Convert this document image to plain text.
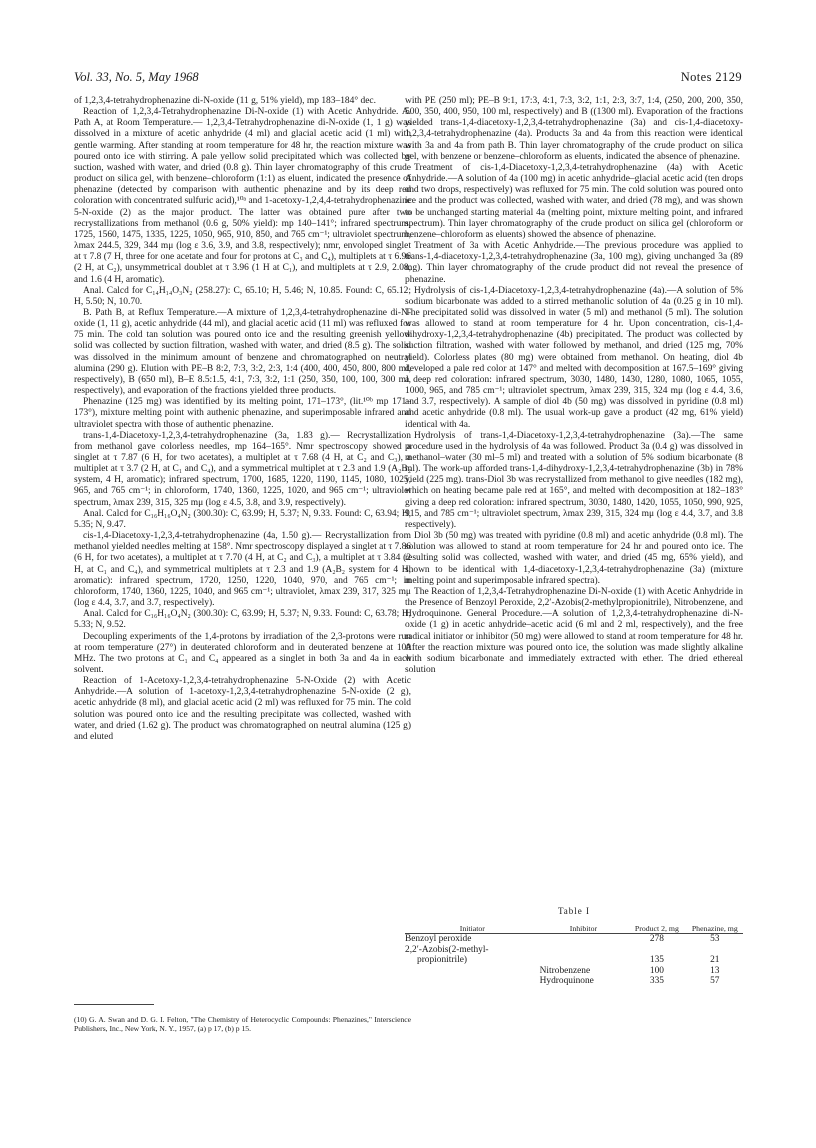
Vol. 33, No. 5, May 1968	Notes 2129

of 1,2,3,4-tetrahydrophenazine di-N-oxide (11 g, 51% yield), mp 183–184° dec.

Reaction of 1,2,3,4-Tetrahydrophenazine Di-N-oxide (1) with Acetic Anhydride. A. Path A, at Room Temperature.— 1,2,3,4-Tetrahydrophenazine di-N-oxide (1, 1 g) was dissolved in a mixture of acetic anhydride (4 ml) and glacial acetic acid (1 ml) with gentle warming. After standing at room temperature for 48 hr, the reaction mixture was poured onto ice with stirring. A pale yellow solid precipitated which was collected by suction, washed with water, and dried (0.8 g). Thin layer chromatography of this crude product on silica gel, with benzene–chloroform (1:1) as eluent, indicated the presence of phenazine (detected by comparison with authentic phenazine and by its deep red coloration with concentrated sulfuric acid),¹⁰ᵃ and 1-acetoxy-1,2,4,4-tetrahydrophenazine 5-N-oxide (2) as the major product. The latter was obtained pure after two recrystallizations from methanol (0.6 g, 50% yield): mp 140–141°; infrared spectrum, 1725, 1560, 1475, 1335, 1225, 1050, 965, 910, 850, and 765 cm⁻¹; ultraviolet spectrum, λmax 244.5, 329, 344 mμ (log ε 3.6, 3.9, and 3.8, respectively); nmr, envoloped singlet at τ 7.8 (7 H, three for one acetate and four for protons at C₃ and C₄), multiplets at τ 6.96 (2 H, at C₂), unsymmetrical doublet at τ 3.96 (1 H at C₁), and multiplets at τ 2.9, 2.08, and 1.6 (4 H, aromatic).

Anal. Calcd for C₁₄H₁₄O₃N₂ (258.27): C, 65.10; H, 5.46; N, 10.85. Found: C, 65.12; H, 5.50; N, 10.70.

B. Path B, at Reflux Temperature.—A mixture of 1,2,3,4-tetrahydrophenazine di-N-oxide (1, 11 g), acetic anhydride (44 ml), and glacial acetic acid (11 ml) was refluxed for 75 min. The cold tan solution was poured onto ice and the resulting greenish yellow solid was collected by suction filtration, washed with water, and dried (8.5 g). The solid was dissolved in the minimum amount of benzene and chromatographed on neutral alumina (290 g). Elution with PE–B 8:2, 7:3, 3:2, 2:3, 1:4 (400, 400, 450, 800, 800 ml, respectively), B (650 ml), B–E 8.5:1.5, 4:1, 7:3, 3:2, 1:1 (250, 350, 100, 100, 300 ml, respectively), and evaporation of the fractions yielded three products.

Phenazine (125 mg) was identified by its melting point, 171–173°, (lit.¹⁰ᵇ mp 171–173°), mixture melting point with authenic phenazine, and superimposable infrared and ultraviolet spectra with those of authentic phenazine.

trans-1,4-Diacetoxy-1,2,3,4-tetrahydrophenazine (3a, 1.83 g).— Recrystallization from methanol gave colorless needles, mp 164–165°. Nmr spectroscopy showed a singlet at τ 7.87 (6 H, for two acetates), a multiplet at τ 7.68 (4 H, at C₂ and C₃), a multiplet at τ 3.7 (2 H, at C₁ and C₄), and a symmetrical multiplet at τ 2.3 and 1.9 (A₂B₂ system, 4 H, aromatic); infrared spectrum, 1700, 1685, 1220, 1190, 1145, 1080, 1025, 965, and 765 cm⁻¹; in chloroform, 1740, 1360, 1225, 1020, and 965 cm⁻¹; ultraviolet spectrum, λmax 239, 315, 325 mμ (log ε 4.5, 3.8, and 3.9, respectively).

Anal. Calcd for C₁₆H₁₆O₄N₂ (300.30): C, 63.99; H, 5.37; N, 9.33. Found: C, 63.94; H, 5.35; N, 9.47.

cis-1,4-Diacetoxy-1,2,3,4-tetrahydrophenazine (4a, 1.50 g).— Recrystallization from methanol yielded needles melting at 158°. Nmr spectroscopy displayed a singlet at τ 7.86 (6 H, for two acetates), a multiplet at τ 7.70 (4 H, at C₂ and C₃), a multiplet at τ 3.84 (2 H, at C₁ and C₄), and symmetrical multiplets at τ 2.3 and 1.9 (A₂B₂ system for 4 H, aromatic): infrared spectrum, 1720, 1250, 1220, 1040, 970, and 765 cm⁻¹; in chloroform, 1740, 1360, 1225, 1040, and 965 cm⁻¹; ultraviolet, λmax 239, 317, 325 mμ (log ε 4.4, 3.7, and 3.7, respectively).

Anal. Calcd for C₁₆H₁₆O₄N₂ (300.30): C, 63.99; H, 5.37; N, 9.33. Found: C, 63.78; H, 5.33; N, 9.52.

Decoupling experiments of the 1,4-protons by irradiation of the 2,3-protons were run at room temperature (27°) in deuterated chloroform and in deuterated benzene at 100 MHz. The two protons at C₁ and C₄ appeared as a singlet in both 3a and 4a in each solvent.

Reaction of 1-Acetoxy-1,2,3,4-tetrahydrophenazine 5-N-Oxide (2) with Acetic Anhydride.—A solution of 1-acetoxy-1,2,3,4-tetrahydrophenazine 5-N-oxide (2 g), acetic anhydride (8 ml), and glacial acetic acid (2 ml) was refluxed for 75 min. The cold solution was poured onto ice and the resulting precipitate was collected, washed with water, and dried (1.62 g). The product was chromatographed on neutral alumina (125 g) and eluted

(10) G. A. Swan and D. G. I. Felton, "The Chemistry of Heterocyclic Compounds: Phenazines," Interscience Publishers, Inc., New York, N. Y., 1957, (a) p 17, (b) p 15.

with PE (250 ml); PE–B 9:1, 17:3, 4:1, 7:3, 3:2, 1:1, 2:3, 3:7, 1:4, (250, 200, 200, 350, 500, 350, 400, 950, 100 ml, respectively) and B ((1300 ml). Evaporation of the fractions yielded trans-1,4-diacetoxy-1,2,3,4-tetrahydrophenazine (3a) and cis-1,4-diacetoxy-1,2,3,4-tetrahydrophenazine (4a). Products 3a and 4a from this reaction were identical with 3a and 4a from path B. Thin layer chromatography of the crude product on silica gel, with benzene or benzene–chloroform as eluents, indicated the absence of phenazine.

Treatment of cis-1,4-Diacetoxy-1,2,3,4-tetrahydrophenazine (4a) with Acetic Anhydride.—A solution of 4a (100 mg) in acetic anhydride–glacial acetic acid (ten drops and two drops, respectively) was refluxed for 75 min. The cold solution was poured onto ice and the product was collected, washed with water, and dried (78 mg), and was shown to be unchanged starting material 4a (melting point, mixture melting point, and infrared spectrum). Thin layer chromatography of the crude product on silica gel (chloroform or benzene–chloroform as eluents) showed the absence of phenazine.

Treatment of 3a with Acetic Anhydride.—The previous procedure was applied to trans-1,4-diacetoxy-1,2,3,4-tetrahydrophenazine (3a, 100 mg), giving unchanged 3a (89 mg). Thin layer chromatography of the crude product did not reveal the presence of phenazine.

Hydrolysis of cis-1,4-Diacetoxy-1,2,3,4-tetrahydrophenazine (4a).—A solution of 5% sodium bicarbonate was added to a stirred methanolic solution of 4a (0.25 g in 10 ml). The precipitated solid was dissolved in water (5 ml) and methanol (5 ml). The solution was allowed to stand at room temperature for 4 hr. Upon concentration, cis-1,4-dihydroxy-1,2,3,4-tetrahydrophenazine (4b) precipitated. The product was collected by suction filtration, washed with water followed by methanol, and dried (125 mg, 70% yield). Colorless plates (80 mg) were obtained from methanol. On heating, diol 4b developed a pale red color at 147° and melted with decomposition at 167.5–169° giving a deep red coloration: infrared spectrum, 3030, 1480, 1430, 1280, 1080, 1065, 1055, 1000, 965, and 785 cm⁻¹; ultraviolet spectrum, λmax 239, 315, 324 mμ (log ε 4.4, 3.6, and 3.7, respectively). A sample of diol 4b (50 mg) was dissolved in pyridine (0.8 ml) and acetic anhydride (0.8 ml). The usual work-up gave a product (42 mg, 61% yield) identical with 4a.

Hydrolysis of trans-1,4-Diacetoxy-1,2,3,4-tetrahydrophenazine (3a).—The same procedure used in the hydrolysis of 4a was followed. Product 3a (0.4 g) was dissolved in methanol–water (30 ml–5 ml) and treated with a solution of 5% sodium bicarbonate (8 ml). The work-up afforded trans-1,4-dihydroxy-1,2,3,4-tetrahydrophenazine (3b) in 78% yield (225 mg). trans-Diol 3b was recrystallized from methanol to give needles (182 mg), which on heating became pale red at 165°, and melted with decomposition at 182–183° giving a deep red coloration: infrared spectrum, 3030, 1480, 1420, 1055, 1050, 990, 925, 915, and 785 cm⁻¹; ultraviolet spectrum, λmax 239, 315, 324 mμ (log ε 4.4, 3.7, and 3.8 respectively).

Diol 3b (50 mg) was treated with pyridine (0.8 ml) and acetic anhydride (0.8 ml). The solution was allowed to stand at room temperature for 24 hr and poured onto ice. The resulting solid was collected, washed with water, and dried (45 mg, 65% yield), and shown to be identical with 1,4-diacetoxy-1,2,3,4-tetrahydrophenazine (3a) (mixture melting point and superimposable infrared spectra).

The Reaction of 1,2,3,4-Tetrahydrophenazine Di-N-oxide (1) with Acetic Anhydride in the Presence of Benzoyl Peroxide, 2,2′-Azobis(2-methylpropionitrile), Nitrobenzene, and Hydroquinone. General Procedure.—A solution of 1,2,3,4-tetrahydrophenazine di-N-oxide (1 g) in acetic anhydride–acetic acid (6 ml and 2 ml, respectively), and the free radical initiator or inhibitor (50 mg) were allowed to stand at room temperature for 48 hr. After the reaction mixture was poured onto ice, the solution was made slightly alkaline with sodium bicarbonate and immediately extracted with ether. The dried ethereal solution

Table I
Initiator	Inhibitor	Product 2, mg	Phenazine, mg
Benzoyl peroxide		278	53
2,2′-Azobis(2-methyl-			
propionitrile)		135	21
	Nitrobenzene	100	13
	Hydroquinone	335	57
